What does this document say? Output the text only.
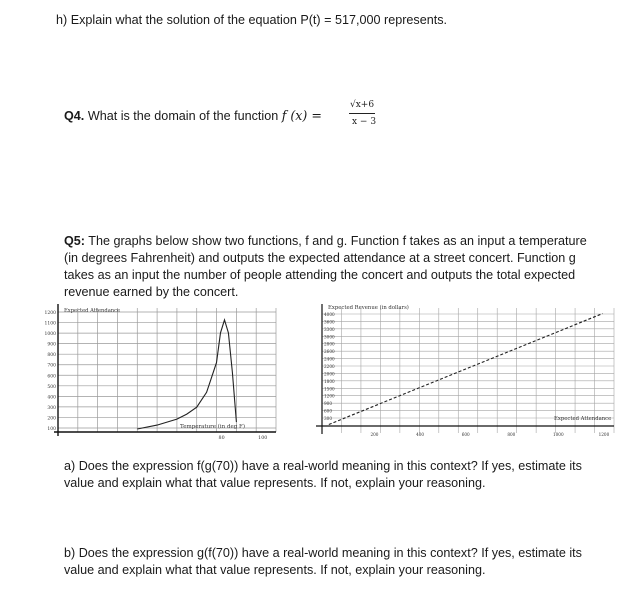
h) Explain what the solution of the equation P(t) = 517,000 represents.
Q4. What is the domain of the function f (x) =
√x+6
x − 3
Q5: The graphs below show two functions, f and g. Function f takes as an input a temperature
(in degrees Fahrenheit) and outputs the expected attendance at a street concert. Function g
takes as an input the number of people attending the concert and outputs the total expected
revenue earned by the concert.
1200
1100
1000
900
800
700
600
500
400
300
200
100
80	100
Expected Attendance
Temperature (in deg F)
4000
3600
3300
3000
2800
2600
2400
2200
2000
1800
1500
1200
900
600
300
200	400	600	800	1000	1200
Expected Revenue (in dollars)
Expected Attendance
a) Does the expression f(g(70)) have a real-world meaning in this context? If yes, estimate its
value and explain what that value represents. If not, explain your reasoning.
b) Does the expression g(f(70)) have a real-world meaning in this context? If yes, estimate its
value and explain what that value represents. If not, explain your reasoning.
